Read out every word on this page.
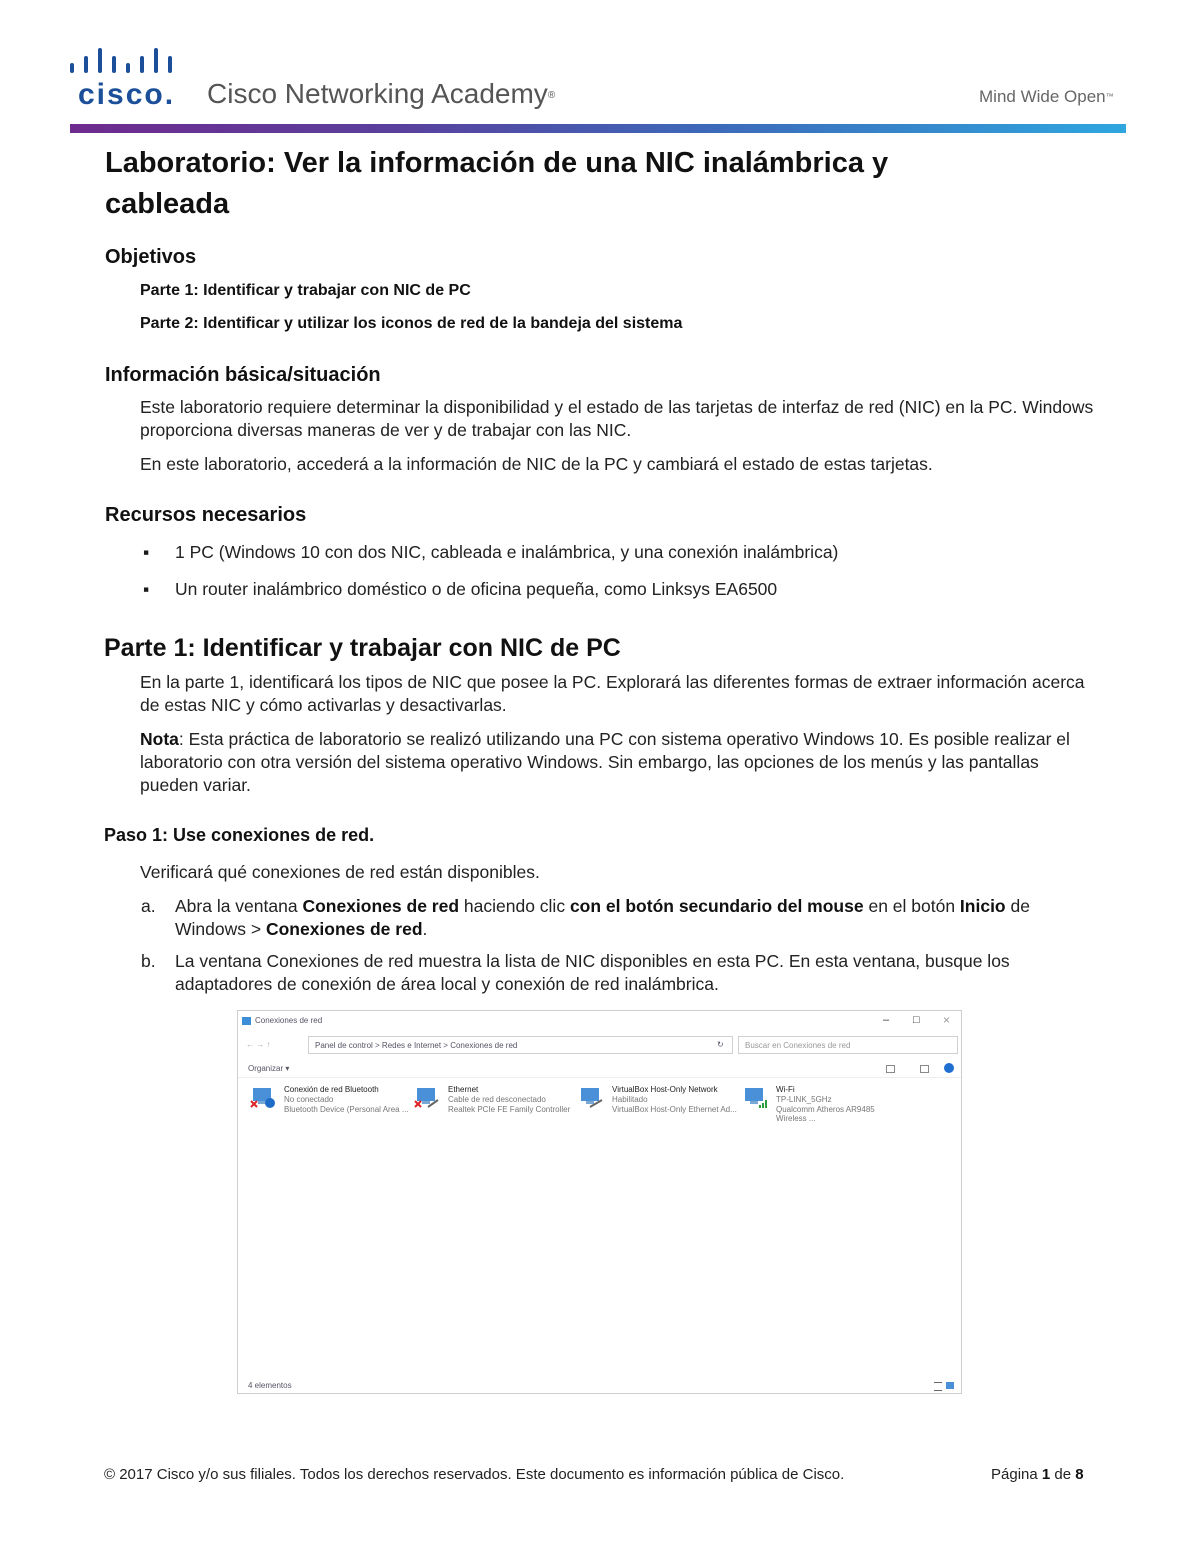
cisco. Cisco Networking Academy®	Mind Wide Open™
Laboratorio: Ver la información de una NIC inalámbrica y cableada
Objetivos
Parte 1: Identificar y trabajar con NIC de PC
Parte 2: Identificar y utilizar los iconos de red de la bandeja del sistema
Información básica/situación
Este laboratorio requiere determinar la disponibilidad y el estado de las tarjetas de interfaz de red (NIC) en la PC. Windows proporciona diversas maneras de ver y de trabajar con las NIC.
En este laboratorio, accederá a la información de NIC de la PC y cambiará el estado de estas tarjetas.
Recursos necesarios
▪ 1 PC (Windows 10 con dos NIC, cableada e inalámbrica, y una conexión inalámbrica)
▪ Un router inalámbrico doméstico o de oficina pequeña, como Linksys EA6500
Parte 1: Identificar y trabajar con NIC de PC
En la parte 1, identificará los tipos de NIC que posee la PC. Explorará las diferentes formas de extraer información acerca de estas NIC y cómo activarlas y desactivarlas.
Nota: Esta práctica de laboratorio se realizó utilizando una PC con sistema operativo Windows 10. Es posible realizar el laboratorio con otra versión del sistema operativo Windows. Sin embargo, las opciones de los menús y las pantallas pueden variar.
Paso 1: Use conexiones de red.
Verificará qué conexiones de red están disponibles.
a. Abra la ventana Conexiones de red haciendo clic con el botón secundario del mouse en el botón Inicio de Windows > Conexiones de red.
b. La ventana Conexiones de red muestra la lista de NIC disponibles en esta PC. En esta ventana, busque los adaptadores de conexión de área local y conexión de red inalámbrica.
Conexiones de red	– □ ×
← → ↑	Panel de control > Redes e Internet > Conexiones de red	↻	Buscar en Conexiones de red
Organizar ▾
Conexión de red Bluetooth
No conectado
Bluetooth Device (Personal Area ...
Ethernet
Cable de red desconectado
Realtek PCIe FE Family Controller
VirtualBox Host-Only Network
Habilitado
VirtualBox Host-Only Ethernet Ad...
Wi-Fi
TP-LINK_5GHz
Qualcomm Atheros AR9485 Wireless ...
4 elementos
© 2017 Cisco y/o sus filiales. Todos los derechos reservados. Este documento es información pública de Cisco.	Página 1 de 8
